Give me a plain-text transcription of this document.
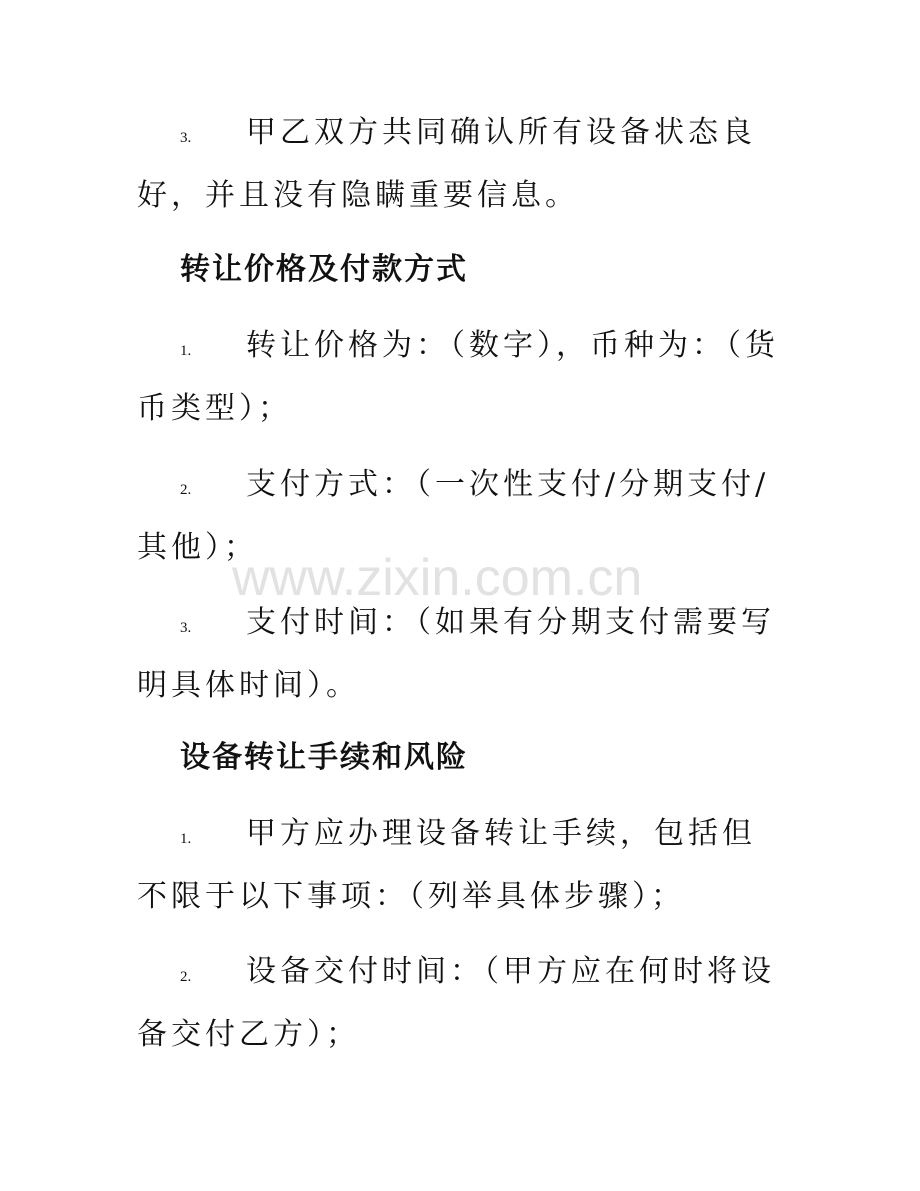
3. 甲乙双方共同确认所有设备状态良好，并且没有隐瞒重要信息。
转让价格及付款方式
1. 转让价格为：（数字），币种为：（货币类型）；
2. 支付方式：（一次性支付/分期支付/其他）；
3. 支付时间：（如果有分期支付需要写明具体时间）。
设备转让手续和风险
1. 甲方应办理设备转让手续，包括但不限于以下事项：（列举具体步骤）；
2. 设备交付时间：（甲方应在何时将设备交付乙方）；
www.zixin.com.cn
